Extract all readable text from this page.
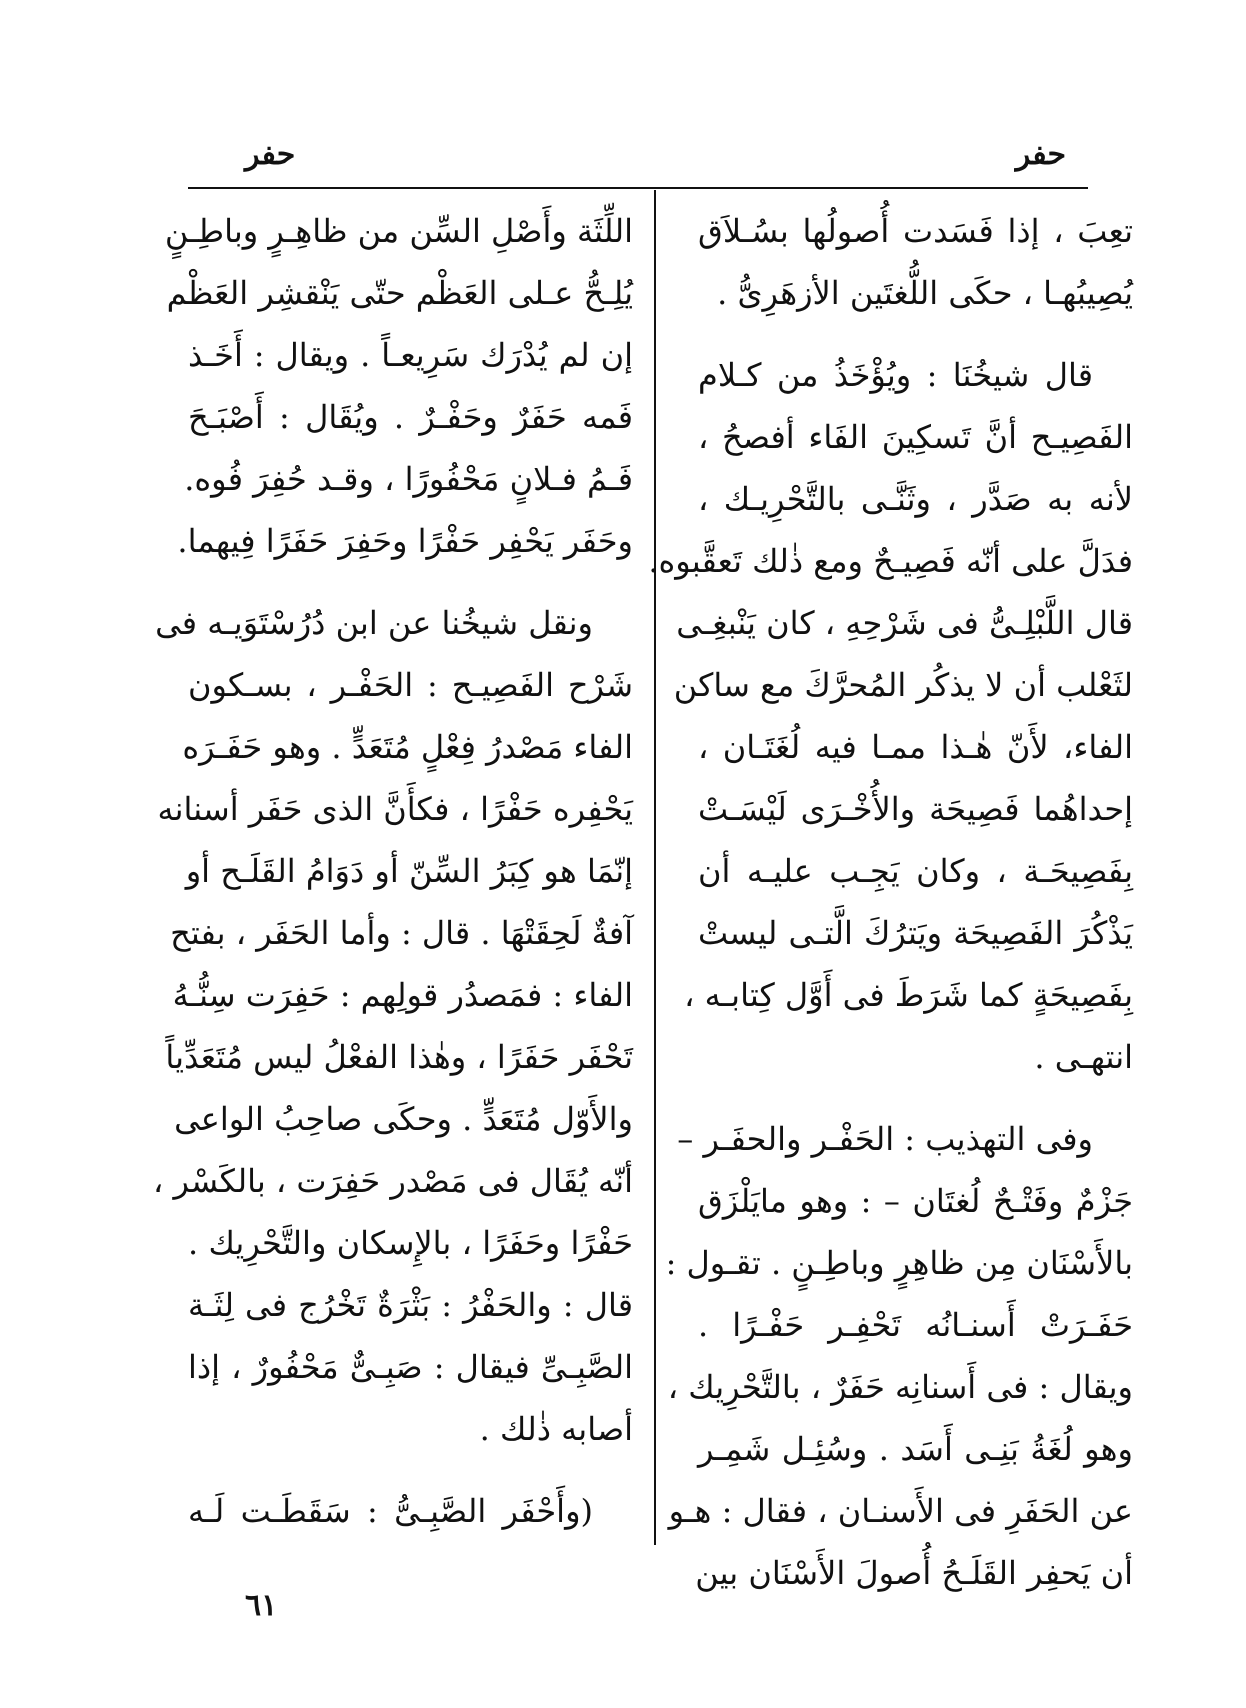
حفر
حفر
تعِبَ ، إذا فَسَدت أُصولُها بسُـلاَق
يُصِيبُهـا ، حكَى اللُّغتَين الأزهَرِىُّ .
قال شيخُنَا : ويُؤْخَذُ من كـلام
الفَصِيـح أنَّ تَسكِينَ الفَاء أفصحُ ،
لأنه به صَدَّر ، وثَنَّـى بالتَّحْرِيـك ،
فدَلَّ على أنّه فَصِيـحٌ ومع ذٰلك تَعقَّبوه.
قال اللَّبْلِـىُّ فى شَرْحِهِ ، كان يَنْبغِـى
لثَعْلب أن لا يذكُر المُحرَّكَ مع ساكن
الفاء، لأَنّ هٰـذا ممـا فيه لُغَتَـان ،
إحداهُما فَصِيحَة والأُخْـرَى لَيْسَـتْ
بِفَصِيحَـة ، وكان يَجِـب عليـه أن
يَذْكُرَ الفَصِيحَة ويَترُكَ الَّتـى ليستْ
بِفَصِيحَةٍ كما شَرَطَ فى أَوَّل كِتابـه ،
انتهـى .
وفى التهذيب : الحَفْـر والحفَـر –
جَزْمٌ وفَتْـحٌ لُغتَان – : وهو مايَلْزَق
بالأَسْنَان مِن ظاهِرٍ وباطِـنٍ . تقـول :
حَفَـرَتْ أَسنـانُه تَحْفِـر حَفْـرًا .
ويقال : فى أَسنانِه حَفَرٌ ، بالتَّحْرِيك ،
وهو لُغَةُ بَنِـى أَسَد . وسُئِـل شَمِـر
عن الحَفَرِ فى الأَسنـان ، فقال : هـو
أن يَحفِر القَلَـحُ أُصولَ الأَسْنَان بين
اللِّثَة وأَصْلِ السِّن من ظاهِـرٍ وباطِـنٍ
يُلِـحُّ عـلى العَظْم حتّى يَنْقشِر العَظْم
إن لم يُدْرَك سَرِيعـاً . ويقال : أَخَـذ
فَمه حَفَرٌ وحَفْـرٌ . ويُقَال : أَصْبَـحَ
فَـمُ فـلانٍ مَحْفُورًا ، وقـد حُفِرَ فُوه.
وحَفَر يَحْفِر حَفْرًا وحَفِرَ حَفَرًا فِيهما.
ونقل شيخُنا عن ابن دُرُسْتَوَيـه فى
شَرْح الفَصِيـح : الحَفْـر ، بسـكون
الفاء مَصْدرُ فِعْلٍ مُتَعَدٍّ . وهو حَفَـرَه
يَحْفِره حَفْرًا ، فكأَنَّ الذى حَفَر أسنانه
إنّمَا هو كِبَرُ السِّنّ أو دَوَامُ القَلَـح أو
آفةٌ لَحِقَتْهَا . قال : وأما الحَفَر ، بفتح
الفاء : فمَصدُر قولِهم : حَفِرَت سِنُّـهُ
تَحْفَر حَفَرًا ، وهٰذا الفعْلُ ليس مُتَعَدِّياً
والأَوّل مُتَعَدٍّ . وحكَى صاحِبُ الواعى
أنّه يُقَال فى مَصْدر حَفِرَت ، بالكَسْر ،
حَفْرًا وحَفَرًا ، بالإِسكان والتَّحْرِيك .
قال : والحَفْرُ : بَثْرَةٌ تَخْرُج فى لِثَـة
الصَّبِـىِّ فيقال : صَبِـىٌّ مَحْفُورٌ ، إذا
أصابه ذٰلك .
(وأَحْفَر الصَّبِـىُّ : سَقَطَـت لَـه
٦١
